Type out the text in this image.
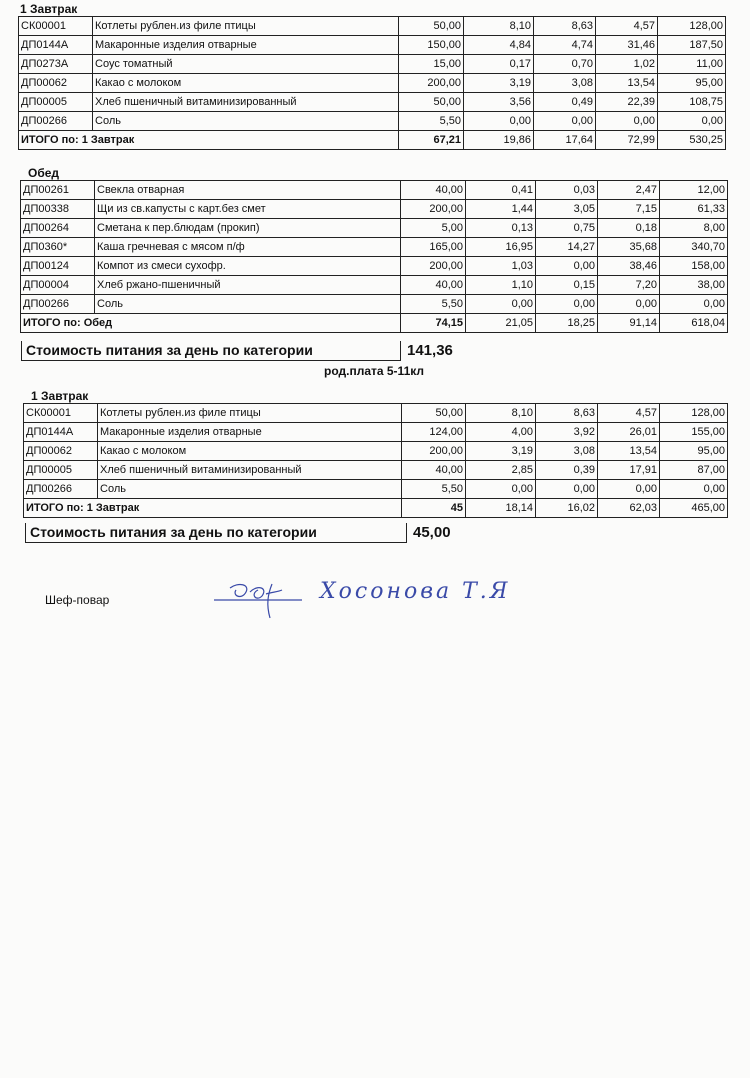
1 Завтрак
СК00001	Котлеты рублен.из филе птицы	50,00	8,10	8,63	4,57	128,00
ДП0144А	Макаронные изделия отварные	150,00	4,84	4,74	31,46	187,50
ДП0273А	Соус томатный	15,00	0,17	0,70	1,02	11,00
ДП00062	Какао с молоком	200,00	3,19	3,08	13,54	95,00
ДП00005	Хлеб пшеничный витаминизированный	50,00	3,56	0,49	22,39	108,75
ДП00266	Соль	5,50	0,00	0,00	0,00	0,00
ИТОГО по: 1 Завтрак		67,21	19,86	17,64	72,99	530,25
Обед
ДП00261	Свекла отварная	40,00	0,41	0,03	2,47	12,00
ДП00338	Щи из св.капусты с карт.без смет	200,00	1,44	3,05	7,15	61,33
ДП00264	Сметана к пер.блюдам (прокип)	5,00	0,13	0,75	0,18	8,00
ДП0360*	Каша гречневая с мясом п/ф	165,00	16,95	14,27	35,68	340,70
ДП00124	Компот из смеси сухофр.	200,00	1,03	0,00	38,46	158,00
ДП00004	Хлеб ржано-пшеничный	40,00	1,10	0,15	7,20	38,00
ДП00266	Соль	5,50	0,00	0,00	0,00	0,00
ИТОГО по: Обед		74,15	21,05	18,25	91,14	618,04
Стоимость питания за день по категории	141,36
род.плата 5-11кл
1 Завтрак
СК00001	Котлеты рублен.из филе птицы	50,00	8,10	8,63	4,57	128,00
ДП0144А	Макаронные изделия отварные	124,00	4,00	3,92	26,01	155,00
ДП00062	Какао с молоком	200,00	3,19	3,08	13,54	95,00
ДП00005	Хлеб пшеничный витаминизированный	40,00	2,85	0,39	17,91	87,00
ДП00266	Соль	5,50	0,00	0,00	0,00	0,00
ИТОГО по: 1 Завтрак		45	18,14	16,02	62,03	465,00
Стоимость питания за день по категории	45,00
Шеф-повар	Хосонова Т.Я
